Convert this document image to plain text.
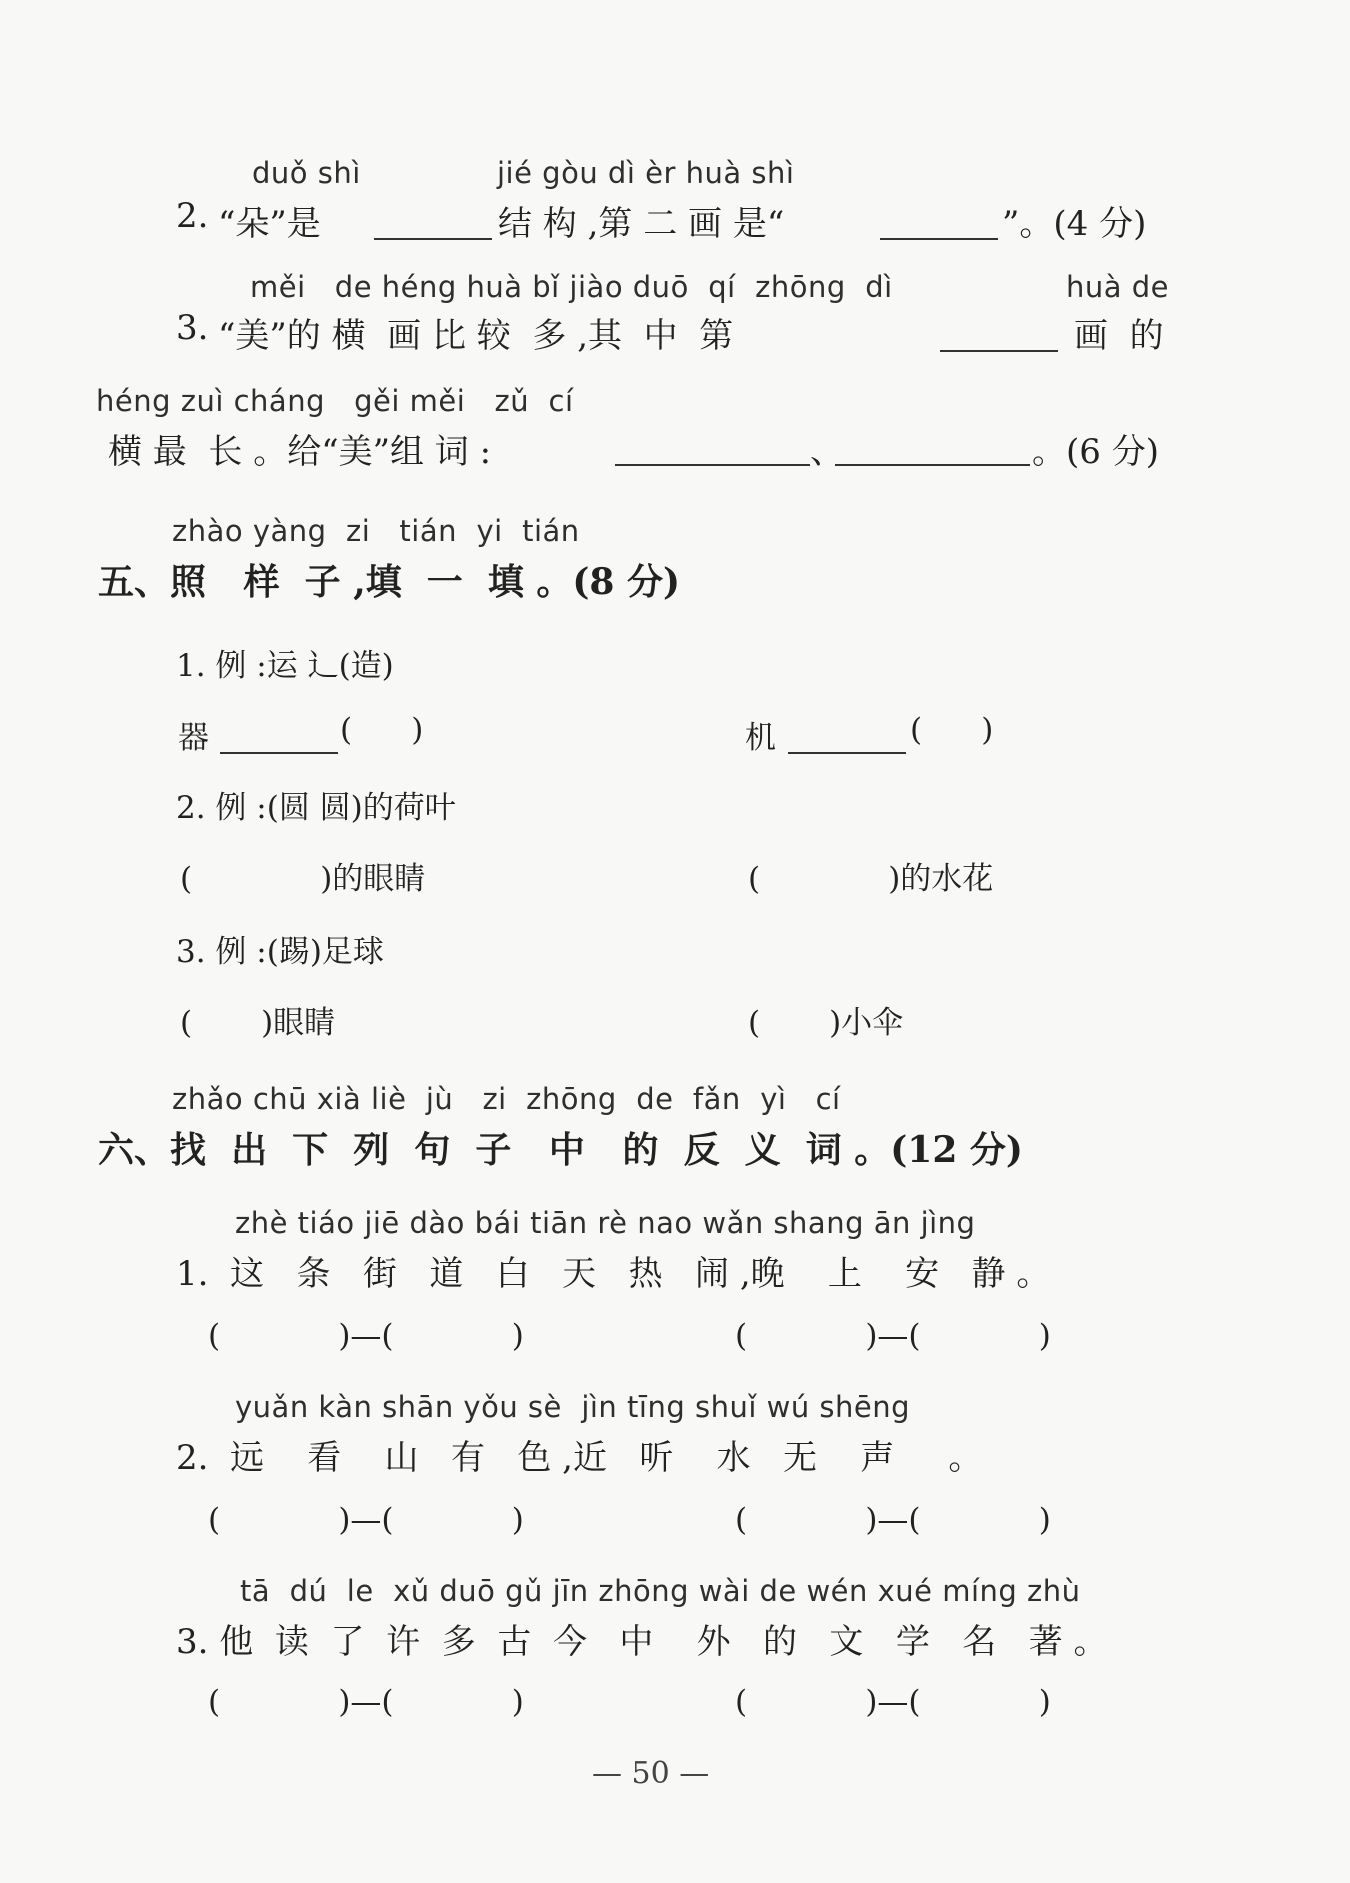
duǒ shì	jié gòu dì èr huà shì
2. “朵”是	结 构 ,第 二 画 是“	”。(4 分)
měi   de héng huà bǐ jiào duō  qí  zhōng  dì	huà de
3. “美”的 横  画 比 较  多 ,其  中  第	画  的
héng zuì cháng   gěi měi   zǔ  cí
横 最  长 。给“美”组 词 :	、	。(6 分)
zhào yàng  zi   tián  yi  tián
五、照   样  子 ,填  一  填 。(8 分)
1. 例 :运 辶(造)
器	(      )	机	(      )
2. 例 :(圆 圆)的荷叶
(             )的眼睛	(             )的水花
3. 例 :(踢)足球
(       )眼睛	(       )小伞
zhǎo chū xià liè  jù   zi  zhōng  de  fǎn  yì   cí
六、找  出  下  列  句  子   中   的  反  义  词 。(12 分)
zhè tiáo jiē dào bái tiān rè nao wǎn shang ān jìng
1.  这   条   街   道   白   天   热   闹 ,晚    上    安   静 。
(            )—(            )	(            )—(            )
yuǎn kàn shān yǒu sè  jìn tīng shuǐ wú shēng
2.  远    看    山   有   色 ,近   听    水   无    声     。
(            )—(            )	(            )—(            )
tā  dú  le  xǔ duō gǔ jīn zhōng wài de wén xué míng zhù
3. 他  读  了  许  多  古  今   中    外   的   文   学   名   著 。
(            )—(            )	(            )—(            )
— 50 —
